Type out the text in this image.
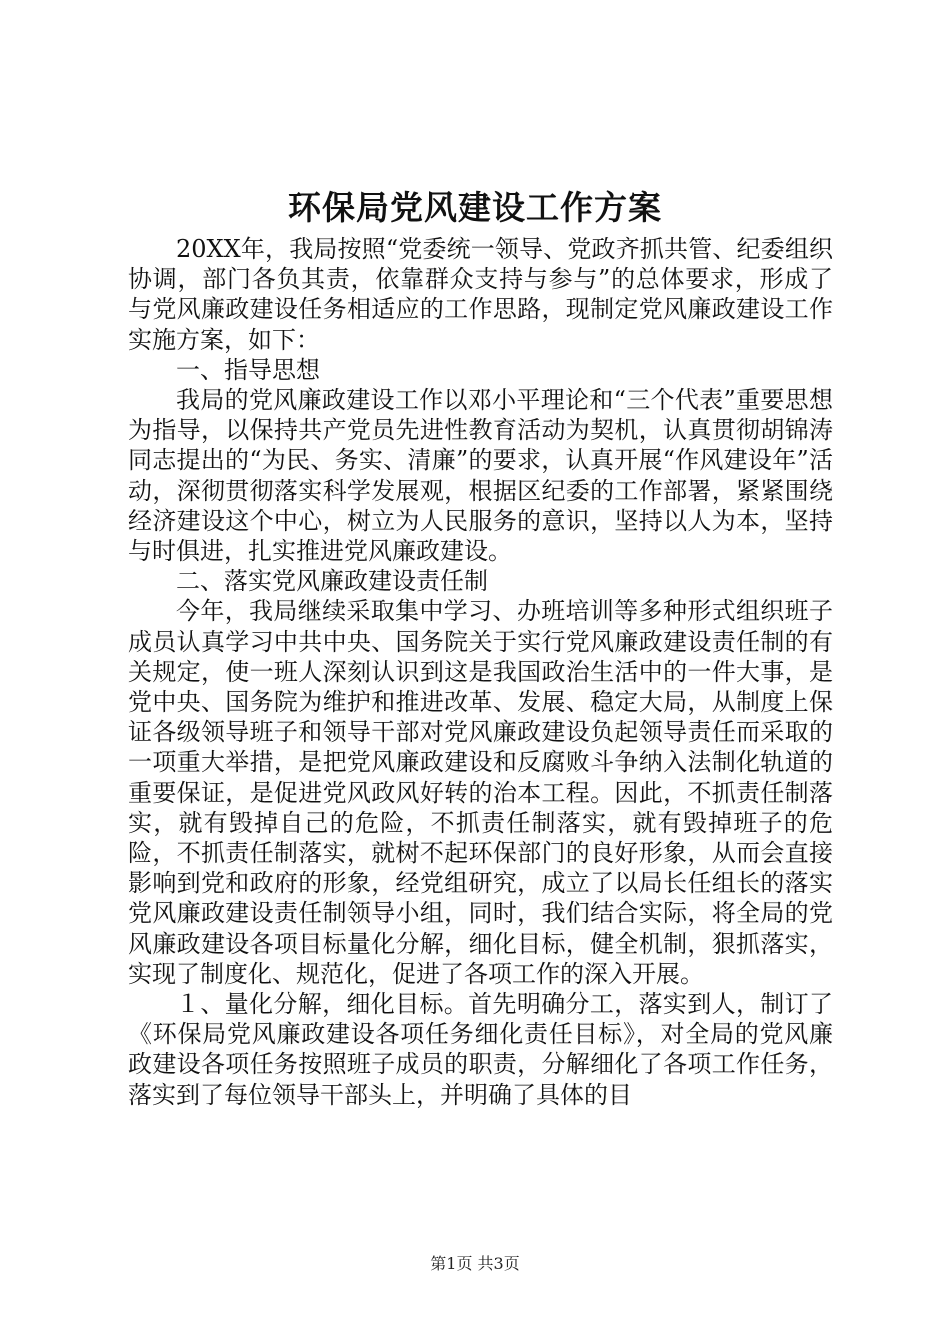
环保局党风建设工作方案

20XX年，我局按照“党委统一领导、党政齐抓共管、纪委组织协调，部门各负其责，依靠群众支持与参与”的总体要求，形成了与党风廉政建设任务相适应的工作思路，现制定党风廉政建设工作实施方案，如下：

一、指导思想

我局的党风廉政建设工作以邓小平理论和“三个代表”重要思想为指导，以保持共产党员先进性教育活动为契机，认真贯彻胡锦涛同志提出的“为民、务实、清廉”的要求，认真开展“作风建设年”活动，深彻贯彻落实科学发展观，根据区纪委的工作部署，紧紧围绕经济建设这个中心，树立为人民服务的意识，坚持以人为本，坚持与时俱进，扎实推进党风廉政建设。

二、落实党风廉政建设责任制

今年，我局继续采取集中学习、办班培训等多种形式组织班子成员认真学习中共中央、国务院关于实行党风廉政建设责任制的有关规定，使一班人深刻认识到这是我国政治生活中的一件大事，是党中央、国务院为维护和推进改革、发展、稳定大局，从制度上保证各级领导班子和领导干部对党风廉政建设负起领导责任而采取的一项重大举措，是把党风廉政建设和反腐败斗争纳入法制化轨道的重要保证，是促进党风政风好转的治本工程。因此，不抓责任制落实，就有毁掉自己的危险，不抓责任制落实，就有毁掉班子的危险，不抓责任制落实，就树不起环保部门的良好形象，从而会直接影响到党和政府的形象，经党组研究，成立了以局长任组长的落实党风廉政建设责任制领导小组，同时，我们结合实际，将全局的党风廉政建设各项目标量化分解，细化目标，健全机制，狠抓落实，实现了制度化、规范化，促进了各项工作的深入开展。

１、量化分解，细化目标。首先明确分工，落实到人，制订了《环保局党风廉政建设各项任务细化责任目标》，对全局的党风廉政建设各项任务按照班子成员的职责，分解细化了各项工作任务，落实到了每位领导干部头上，并明确了具体的目

第1页 共3页
